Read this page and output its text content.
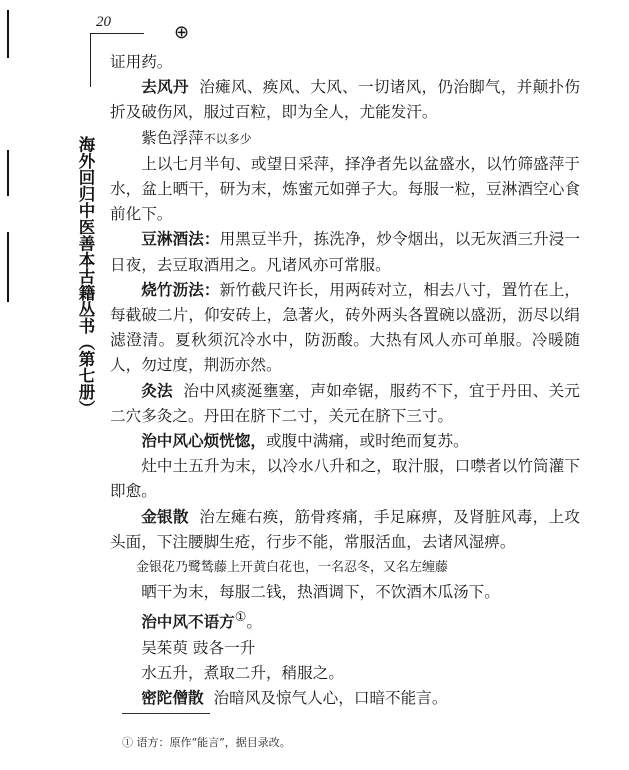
20	⊕
海外回归中医善本古籍丛书（第七册）

证用药。

去风丹 治瘫风、痪风、大风、一切诸风，仍治脚气，并颠扑伤折及破伤风，服过百粒，即为全人，尤能发汗。

紫色浮萍不以多少

上以七月半旬、或望日采萍，择净者先以盆盛水，以竹筛盛萍于水，盆上晒干，研为末，炼蜜元如弹子大。每服一粒，豆淋酒空心食前化下。

豆淋酒法：用黑豆半升，拣洗净，炒令烟出，以无灰酒三升浸一日夜，去豆取酒用之。凡诸风亦可常服。

烧竹沥法：新竹截尺许长，用两砖对立，相去八寸，置竹在上，每截破二片，仰安砖上，急著火，砖外两头各置碗以盛沥，沥尽以绢滤澄清。夏秋须沉冷水中，防沥酸。大热有风人亦可单服。冷暖随人，勿过度，荆沥亦然。

灸法 治中风痰涎壅塞，声如牵锯，服药不下，宜于丹田、关元二穴多灸之。丹田在脐下二寸，关元在脐下三寸。

治中风心烦恍惚，或腹中满痛，或时绝而复苏。

灶中土五升为末，以冷水八升和之，取汁服，口噤者以竹筒灌下即愈。

金银散 治左瘫右痪，筋骨疼痛，手足麻痹，及肾脏风毒，上攻头面，下注腰脚生疮，行步不能，常服活血，去诸风湿痹。

金银花乃鹭鸶藤上开黄白花也，一名忍冬，又名左缠藤

晒干为末，每服二钱，热酒调下，不饮酒木瓜汤下。

治中风不语方①。

吴茱萸 豉各一升

水五升，煮取二升，稍服之。

密陀僧散 治暗风及惊气人心，口暗不能言。

① 语方：原作“能言”，据目录改。
